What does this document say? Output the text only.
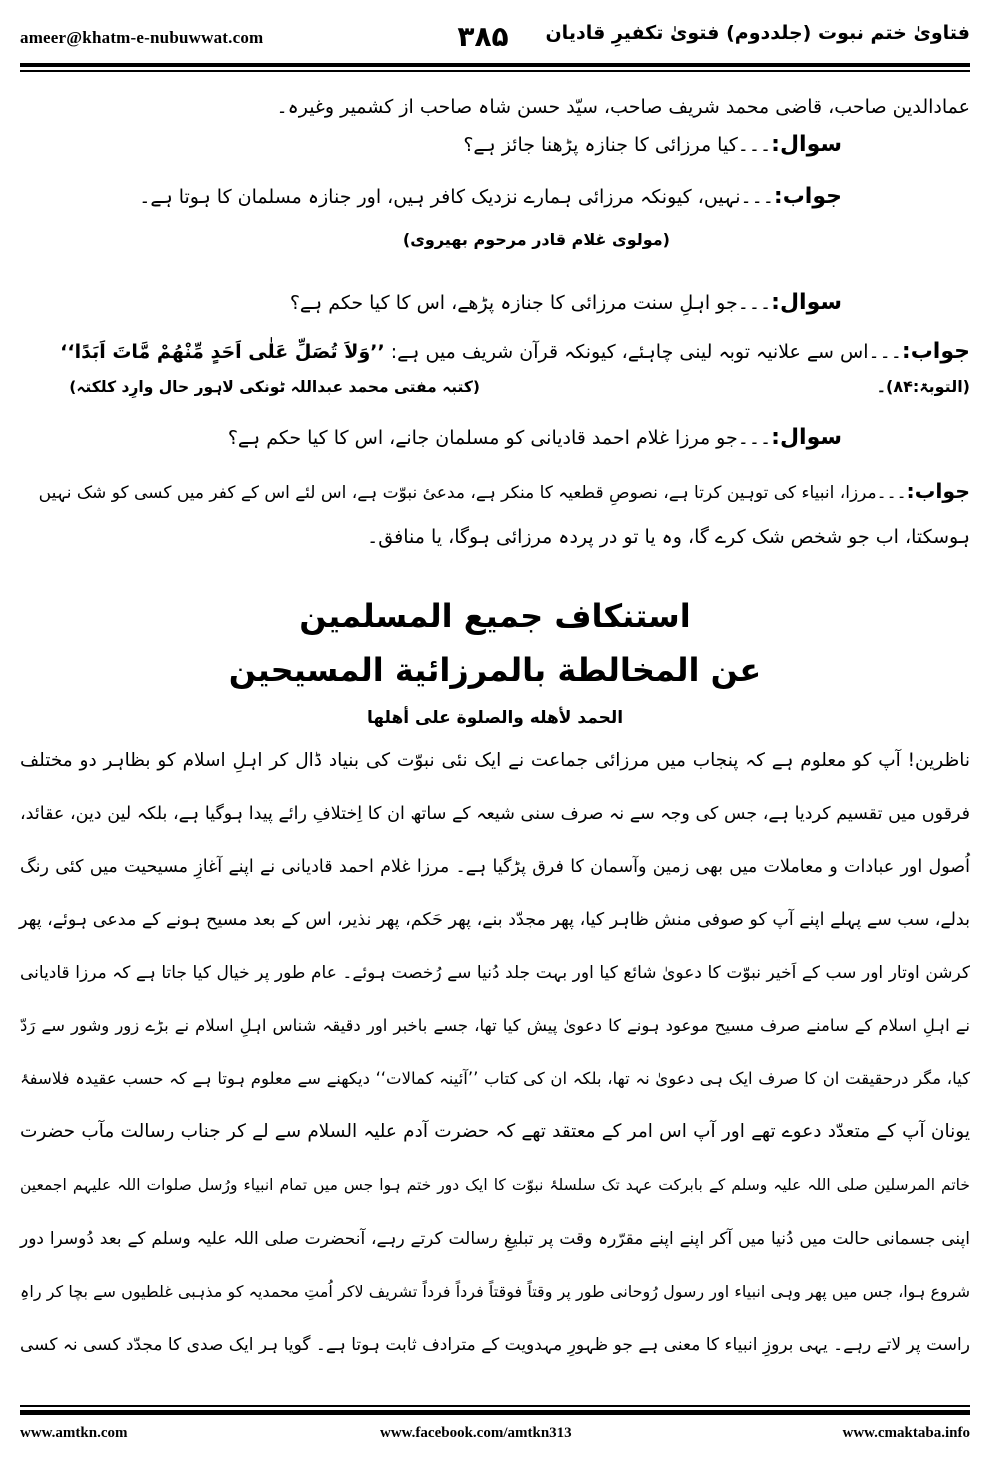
ameer@khatm-e-nubuwwat.com	۳۸۵	فتاویٰ ختم نبوت (جلددوم) فتویٰ تکفیرِ قادیان
عمادالدین صاحب، قاضی محمد شریف صاحب، سیّد حسن شاہ صاحب از کشمیر وغیرہ۔
سوال:۔۔۔کیا مرزائی کا جنازہ پڑھنا جائز ہے؟
جواب:۔۔۔نہیں، کیونکہ مرزائی ہمارے نزدیک کافر ہیں، اور جنازہ مسلمان کا ہوتا ہے۔
(مولوی غلام قادر مرحوم بھیروی)
سوال:۔۔۔جو اہلِ سنت مرزائی کا جنازہ پڑھے، اس کا کیا حکم ہے؟
جواب:۔۔۔اس سے علانیہ توبہ لینی چاہئے، کیونکہ قرآن شریف میں ہے: ’’وَلاَ تُصَلِّ عَلٰی اَحَدٍ مِّنْهُمْ مَّاتَ اَبَدًا‘‘
(التوبۃ:۸۴)۔
(کتبہ مفتی محمد عبداللہ ٹونکی لاہور حال وارِد کلکتہ)
سوال:۔۔۔جو مرزا غلام احمد قادیانی کو مسلمان جانے، اس کا کیا حکم ہے؟
جواب:۔۔۔مرزا، انبیاء کی توہین کرتا ہے، نصوصِ قطعیہ کا منکر ہے، مدعیٔ نبوّت ہے، اس لئے اس کے کفر میں کسی کو شک نہیں
ہوسکتا، اب جو شخص شک کرے گا، وہ یا تو در پردہ مرزائی ہوگا، یا منافق۔
استنکاف جمیع المسلمین
عن المخالطة بالمرزائية المسيحين
الحمد لأهله والصلوة على أهلها
ناظرین! آپ کو معلوم ہے کہ پنجاب میں مرزائی جماعت نے ایک نئی نبوّت کی بنیاد ڈال کر اہلِ اسلام کو بظاہر دو مختلف
فرقوں میں تقسیم کردیا ہے، جس کی وجہ سے نہ صرف سنی شیعہ کے ساتھ ان کا اِختلافِ رائے پیدا ہوگیا ہے، بلکہ لین دین، عقائد،
اُصول اور عبادات و معاملات میں بھی زمین وآسمان کا فرق پڑگیا ہے۔ مرزا غلام احمد قادیانی نے اپنے آغازِ مسیحیت میں کئی رنگ
بدلے، سب سے پہلے اپنے آپ کو صوفی منش ظاہر کیا، پھر مجدّد بنے، پھر حَکم، پھر نذیر، اس کے بعد مسیح ہونے کے مدعی ہوئے، پھر
کرشن اوتار اور سب کے اَخیر نبوّت کا دعویٰ شائع کیا اور بہت جلد دُنیا سے رُخصت ہوئے۔ عام طور پر خیال کیا جاتا ہے کہ مرزا قادیانی
نے اہلِ اسلام کے سامنے صرف مسیح موعود ہونے کا دعویٰ پیش کیا تھا، جسے باخبر اور دقیقہ شناس اہلِ اسلام نے بڑے زور وشور سے رَدّ
کیا، مگر درحقیقت ان کا صرف ایک ہی دعویٰ نہ تھا، بلکہ ان کی کتاب ’’آئینہ کمالات‘‘ دیکھنے سے معلوم ہوتا ہے کہ حسب عقیدہ فلاسفۂ
یونان آپ کے متعدّد دعوے تھے اور آپ اس امر کے معتقد تھے کہ حضرت آدم علیہ السلام سے لے کر جناب رسالت مآب حضرت
خاتم المرسلین صلی اللہ علیہ وسلم کے بابرکت عہد تک سلسلۂ نبوّت کا ایک دور ختم ہوا جس میں تمام انبیاء ورُسل صلوات اللہ علیہم اجمعین
اپنی جسمانی حالت میں دُنیا میں آکر اپنے اپنے مقرّرہ وقت پر تبلیغِ رسالت کرتے رہے، آنحضرت صلی اللہ علیہ وسلم کے بعد دُوسرا دور
شروع ہوا، جس میں پھر وہی انبیاء اور رسول رُوحانی طور پر وقتاً فوقتاً فرداً فرداً تشریف لاکر اُمتِ محمدیہ کو مذہبی غلطیوں سے بچا کر راہِ
راست پر لاتے رہے۔ یہی بروزِ انبیاء کا معنی ہے جو ظہورِ مہدویت کے مترادف ثابت ہوتا ہے۔ گویا ہر ایک صدی کا مجدّد کسی نہ کسی
www.amtkn.com	www.facebook.com/amtkn313	www.cmaktaba.info
